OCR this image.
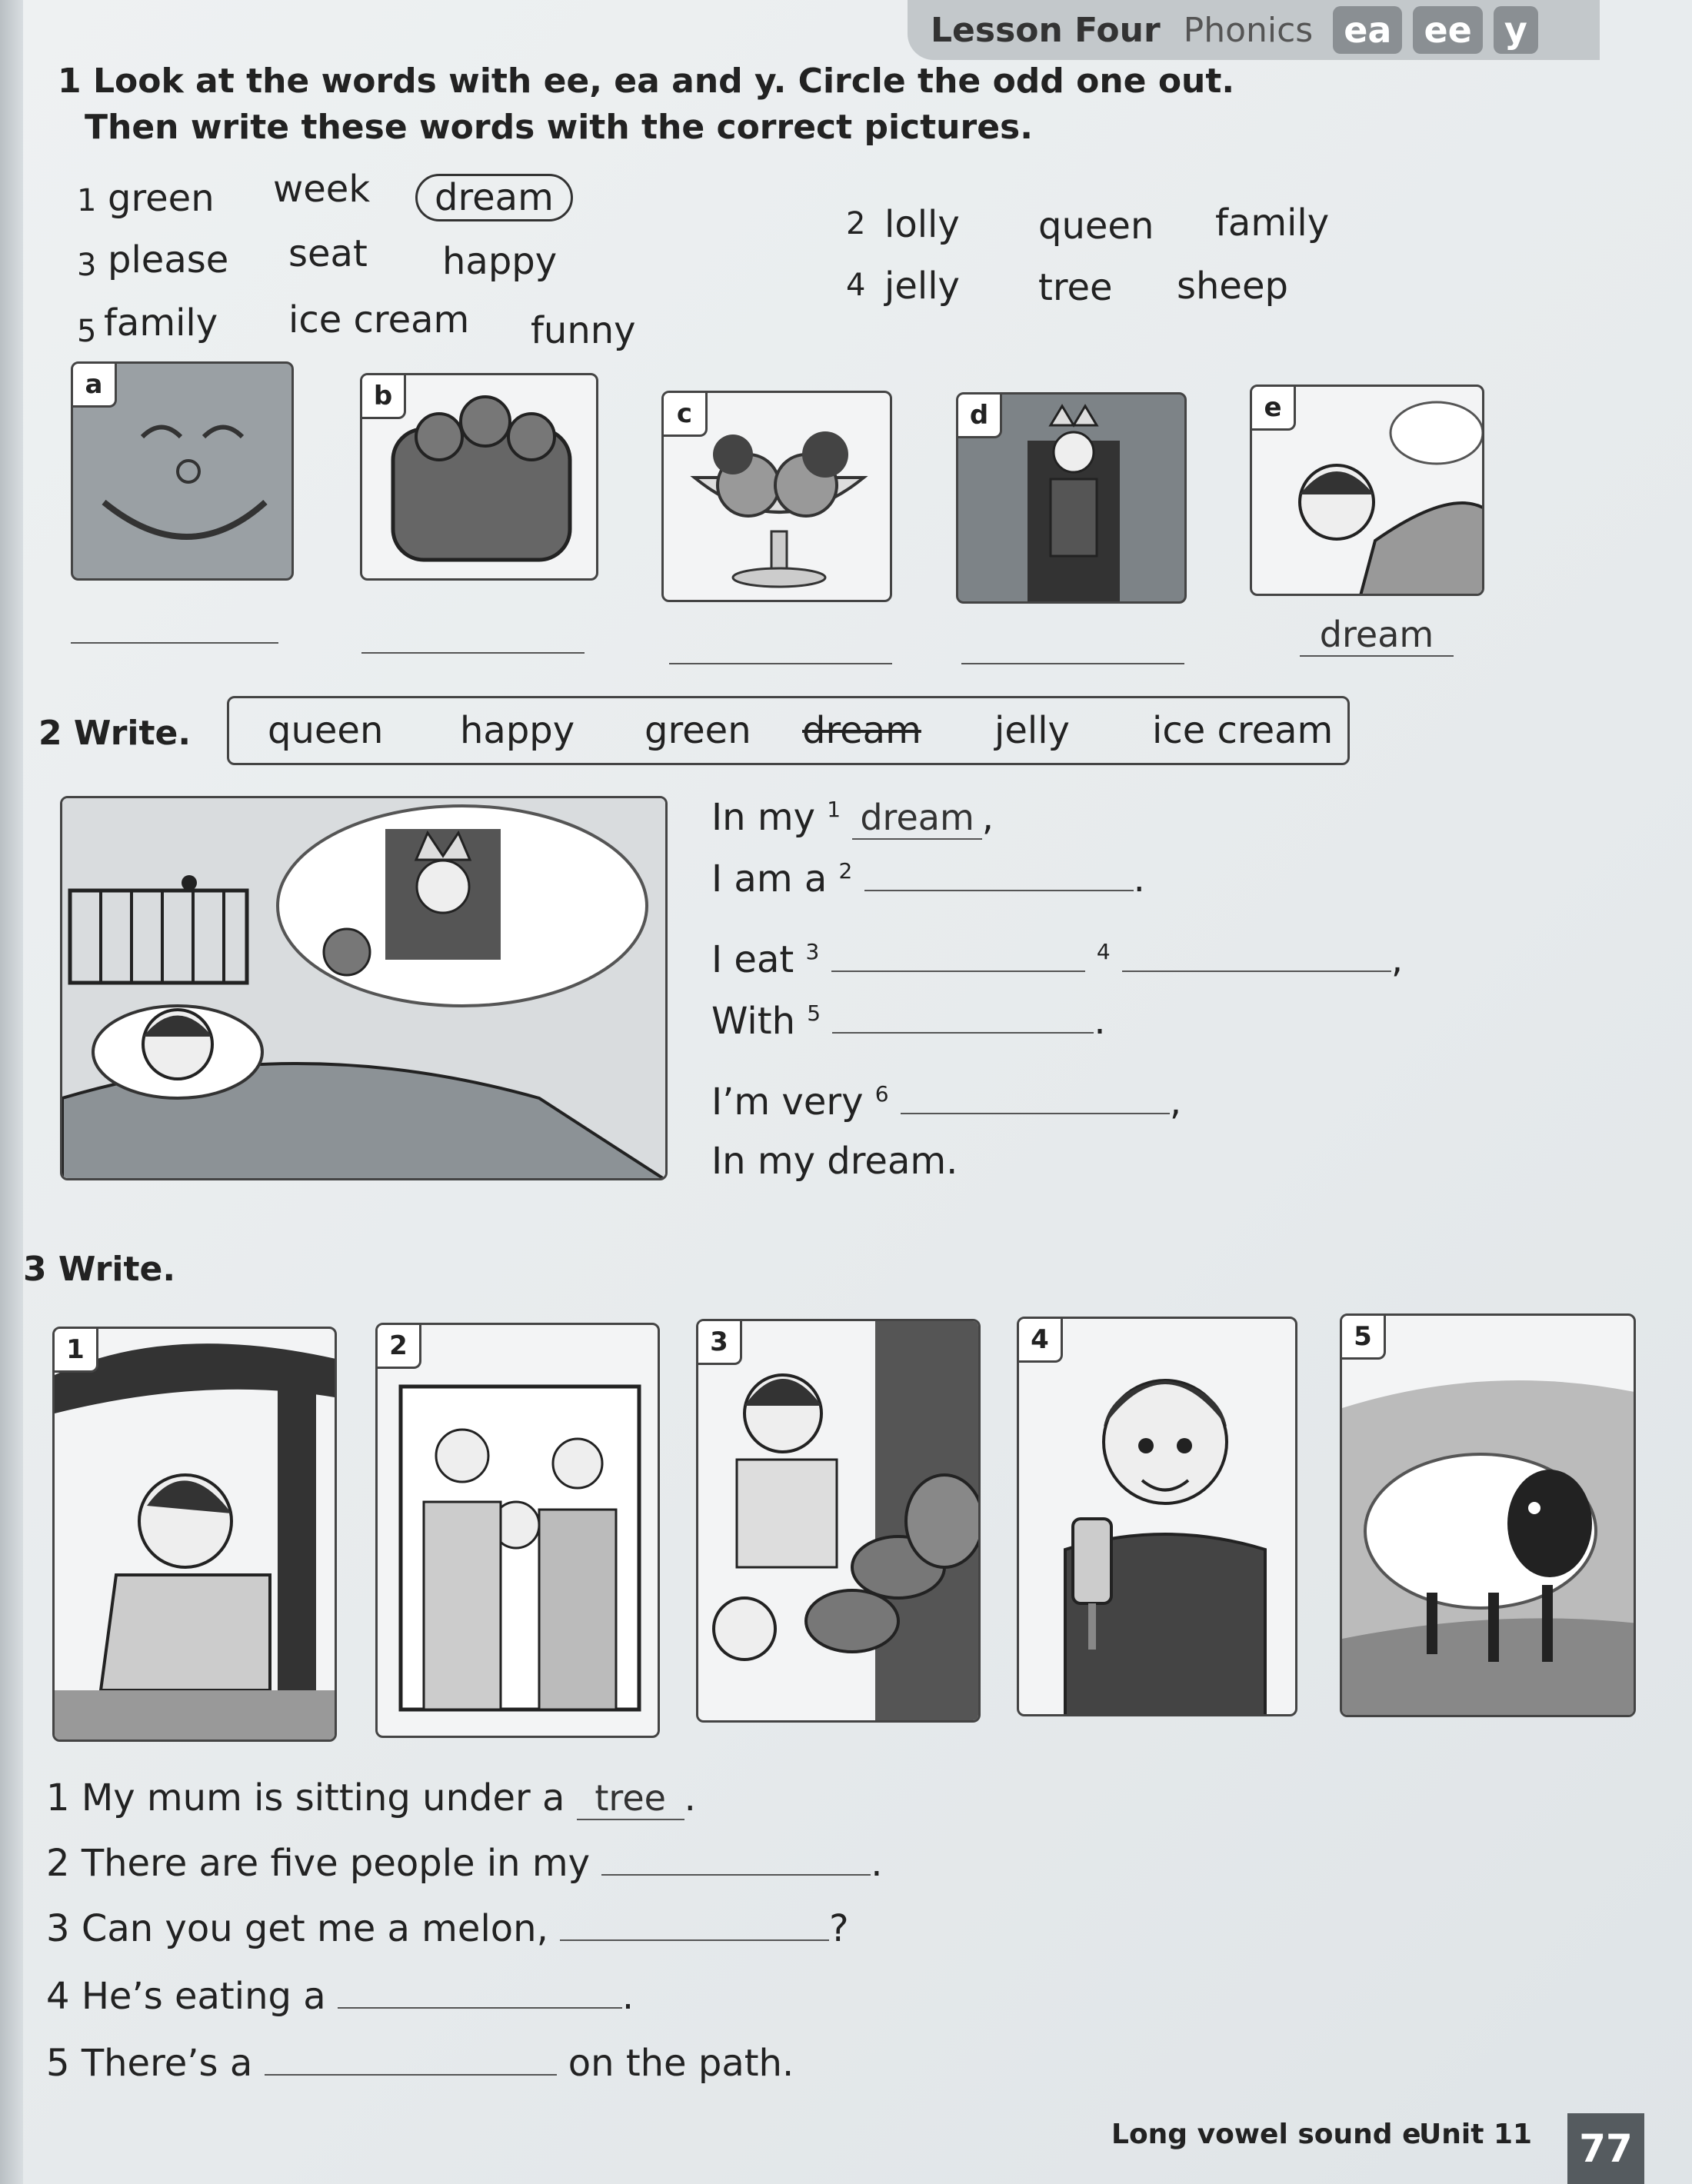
Lesson Four Phonics ea ee y
1 Look at the words with ee, ea and y. Circle the odd one out.
Then write these words with the correct pictures.
1 green week	dream
2 lolly queen family
3 please seat happy
4 jelly tree sheep
5 family ice cream funny
a	b
c	d	e
dream
2 Write. queen happy green dream jelly ice cream
In my $^1$ dream ,
I am a $^2$	.
I eat $^3$	$^4$	,
With $^5$	.
I’m very $^6$	,
In my dream.
3 Write.
1	2	3	4	5
1 My mum is sitting under a tree .
2 There are five people in my	.
3 Can you get me a melon,	?
4 He’s eating a	.
5 There’s a	on the path.
Long vowel sound e
Unit 11	77
